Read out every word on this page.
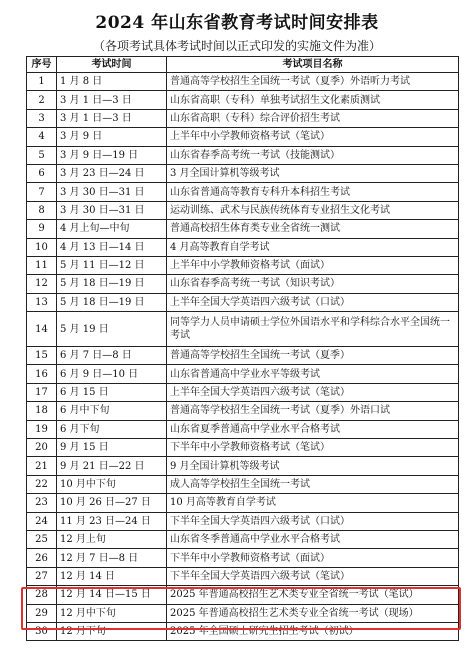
2024 年山东省教育考试时间安排表
（各项考试具体考试时间以正式印发的实施文件为准）
序号	考试时间	考试项目名称
1	1 月 8 日	普通高等学校招生全国统一考试（夏季）外语听力考试
2	3 月 1 日—3 日	山东省高职（专科）单独考试招生文化素质测试
3	3 月 1 日—3 日	山东省高职（专科）综合评价招生考试
4	3 月 9 日	上半年中小学教师资格考试（笔试）
5	3 月 9 日—19 日	山东省春季高考统一考试（技能测试）
6	3 月 23 日—24 日	3 月全国计算机等级考试
7	3 月 30 日—31 日	山东省普通高等教育专科升本科招生考试
8	3 月 30 日—31 日	运动训练、武术与民族传统体育专业招生文化考试
9	4 月上旬—中旬	普通高校招生体育类专业全省统一测试
10	4 月 13 日—14 日	4 月高等教育自学考试
11	5 月 11 日—12 日	上半年中小学教师资格考试（面试）
12	5 月 18 日—19 日	山东省春季高考统一考试（知识考试）
13	5 月 18 日—19 日	上半年全国大学英语四六级考试（口试）
14	5 月 19 日	同等学力人员申请硕士学位外国语水平和学科综合水平全国统一考试
15	6 月 7 日—8 日	普通高等学校招生全国统一考试（夏季）
16	6 月 9 日—10 日	山东省普通高中学业水平等级考试
17	6 月 15 日	上半年全国大学英语四六级考试（笔试）
18	6 月中下旬	普通高等学校招生全国统一考试（夏季）外语口试
19	6 月下旬	山东省夏季普通高中学业水平合格考试
20	9 月 15 日	下半年中小学教师资格考试（笔试）
21	9 月 21 日—22 日	9 月全国计算机等级考试
22	10 月中下旬	成人高等学校招生全国统一考试
23	10 月 26 日—27 日	10 月高等教育自学考试
24	11 月 23 日—24 日	下半年全国大学英语四六级考试（口试）
25	12 月上旬	山东省冬季普通高中学业水平合格考试
26	12 月 7 日—8 日	下半年中小学教师资格考试（面试）
27	12 月 14 日	下半年全国大学英语四六级考试（笔试）
28	12 月 14 日—15 日	2025 年普通高校招生艺术类专业全省统一考试（笔试）
29	12 月中下旬	2025 年普通高校招生艺术类专业全省统一考试（现场）
30	12 月下旬	2025 年全国硕士研究生招生考试（初试）
